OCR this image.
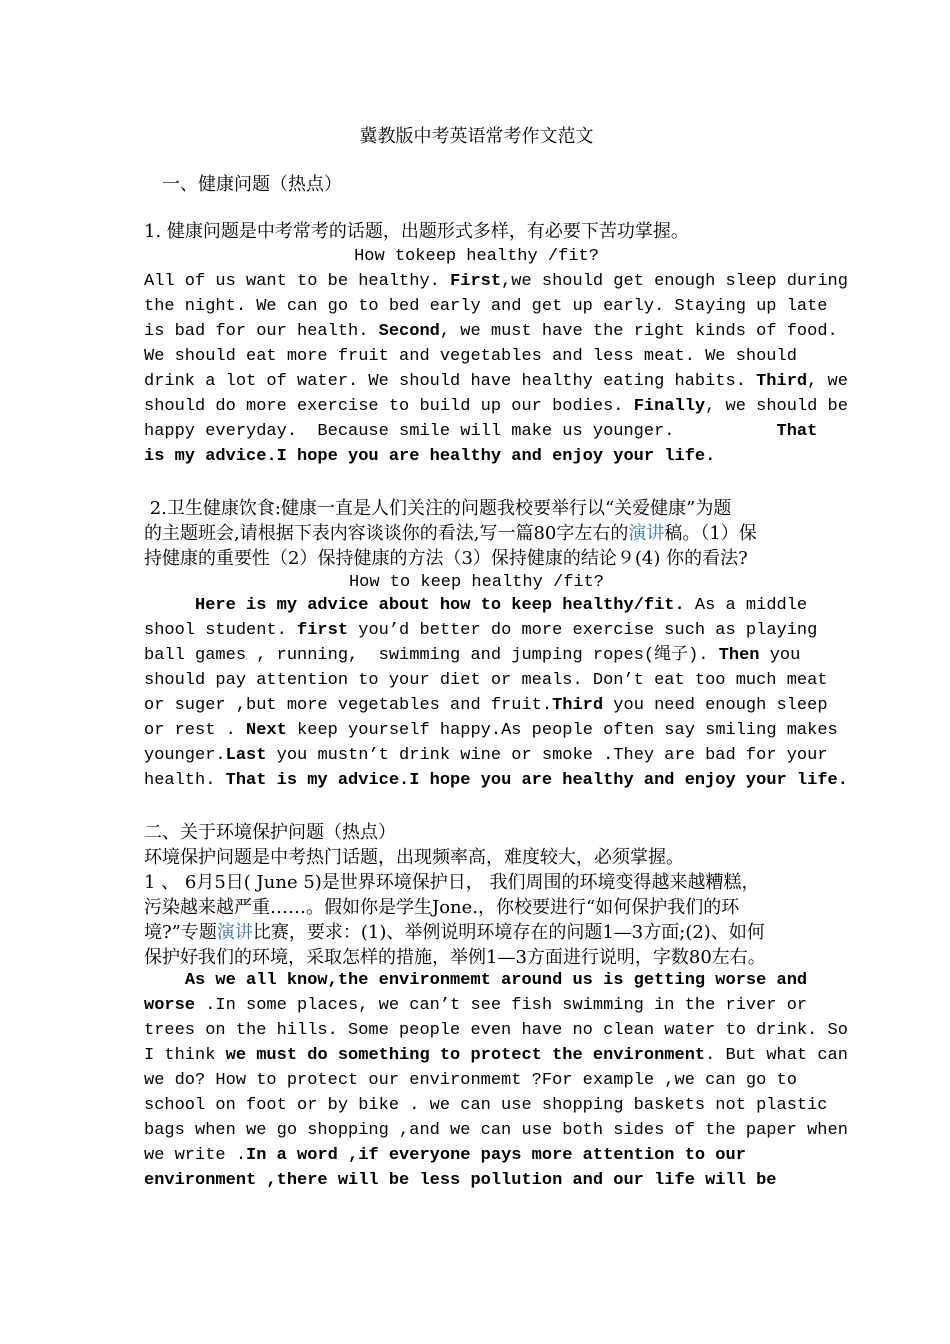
冀教版中考英语常考作文范文
一、健康问题（热点）
1. 健康问题是中考常考的话题，出题形式多样，有必要下苦功掌握。
How tokeep healthy /fit?
All of us want to be healthy. First,we should get enough sleep during
the night. We can go to bed early and get up early. Staying up late
is bad for our health. Second, we must have the right kinds of food.
We should eat more fruit and vegetables and less meat. We should
drink a lot of water. We should have healthy eating habits. Third, we
should do more exercise to build up our bodies. Finally, we should be
happy everyday.  Because smile will make us younger.          That
is my advice.I hope you are healthy and enjoy your life.
2.卫生健康饮食:健康一直是人们关注的问题我校要举行以“关爱健康”为题
的主题班会,请根据下表内容谈谈你的看法,写一篇80字左右的演讲稿。（1）保
持健康的重要性（2）保持健康的方法（3）保持健康的结论９(4) 你的看法?
How to keep healthy /fit?
Here is my advice about how to keep healthy/fit. As a middle
shool student. first you’d better do more exercise such as playing
ball games , running,  swimming and jumping ropes(绳子). Then you
should pay attention to your diet or meals. Don’t eat too much meat
or suger ,but more vegetables and fruit.Third you need enough sleep
or rest . Next keep yourself happy.As people often say smiling makes
younger.Last you mustn’t drink wine or smoke .They are bad for your
health. That is my advice.I hope you are healthy and enjoy your life.
二、关于环境保护问题（热点）
环境保护问题是中考热门话题，出现频率高，难度较大，必须掌握。
1 、 6月5日( June 5)是世界环境保护日， 我们周围的环境变得越来越糟糕，
污染越来越严重……。假如你是学生Jone.，你校要进行“如何保护我们的环
境?”专题演讲比赛，要求：(1)、举例说明环境存在的问题1—3方面;(2)、如何
保护好我们的环境，采取怎样的措施，举例1—3方面进行说明，字数80左右。
As we all know,the environmemt around us is getting worse and
worse .In some places, we can’t see fish swimming in the river or
trees on the hills. Some people even have no clean water to drink. So
I think we must do something to protect the environment. But what can
we do? How to protect our environmemt ?For example ,we can go to
school on foot or by bike . we can use shopping baskets not plastic
bags when we go shopping ,and we can use both sides of the paper when
we write .In a word ,if everyone pays more attention to our
environment ,there will be less pollution and our life will be
